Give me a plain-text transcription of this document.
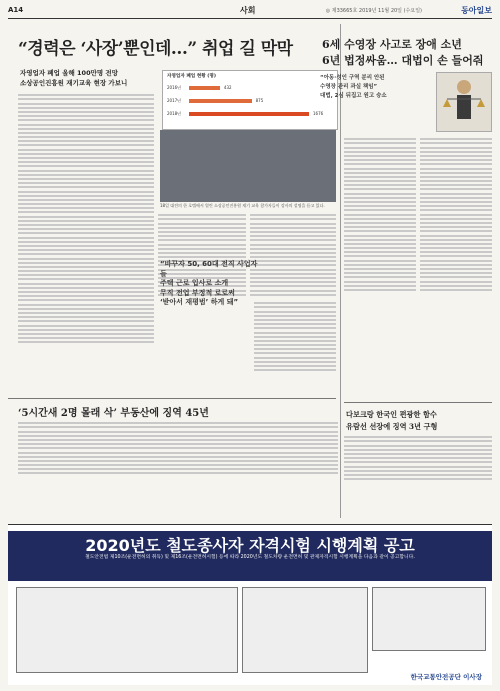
A14	사회	◎ 제33665호 2019년 11월 20일 (수요일)	동아일보
“경력은 ‘사장’뿐인데…” 취업 길 막막
자영업자 폐업 올해 100만명 전망
소상공인진흥원 재기교육 현장 가보니
자영업자 폐업 현황 (명)
2016년	432
2017년	875
2018년	1676
18일 대전의 한 호텔에서 열린 소상공인진흥원 재기 교육 참가자들이 강사의 설명을 듣고 있다.
“바꾸자 50, 60대 전직 사업자들
주택 근로 입사로 소개
무직 전업 부정적 로로써
‘받아서 재평범’ 하게 돼”
‘5시간새 2명 몰래 삭’ 부동산에 징역 45년
6세 수영장 사고로 장애 소년
6년 법정싸움… 대법이 손 들어줘
“아동·성인 구역 분리 안된
수영장 관리 과실 책임”
대법, 2심 뒤집고 원고 승소
다보크랑 한국인 편광한 함수
유람선 선장에 징역 3년 구형
2020년도 철도종사자 자격시험 시행계획 공고
철도안전법 제10조(운전면허의 취득) 및 제16조(운전면허시험) 등에 따라 2020년도 철도차량 운전면허 및 관제자격시험 시행계획을 다음과 같이 공고합니다.
한국교통안전공단 이사장
